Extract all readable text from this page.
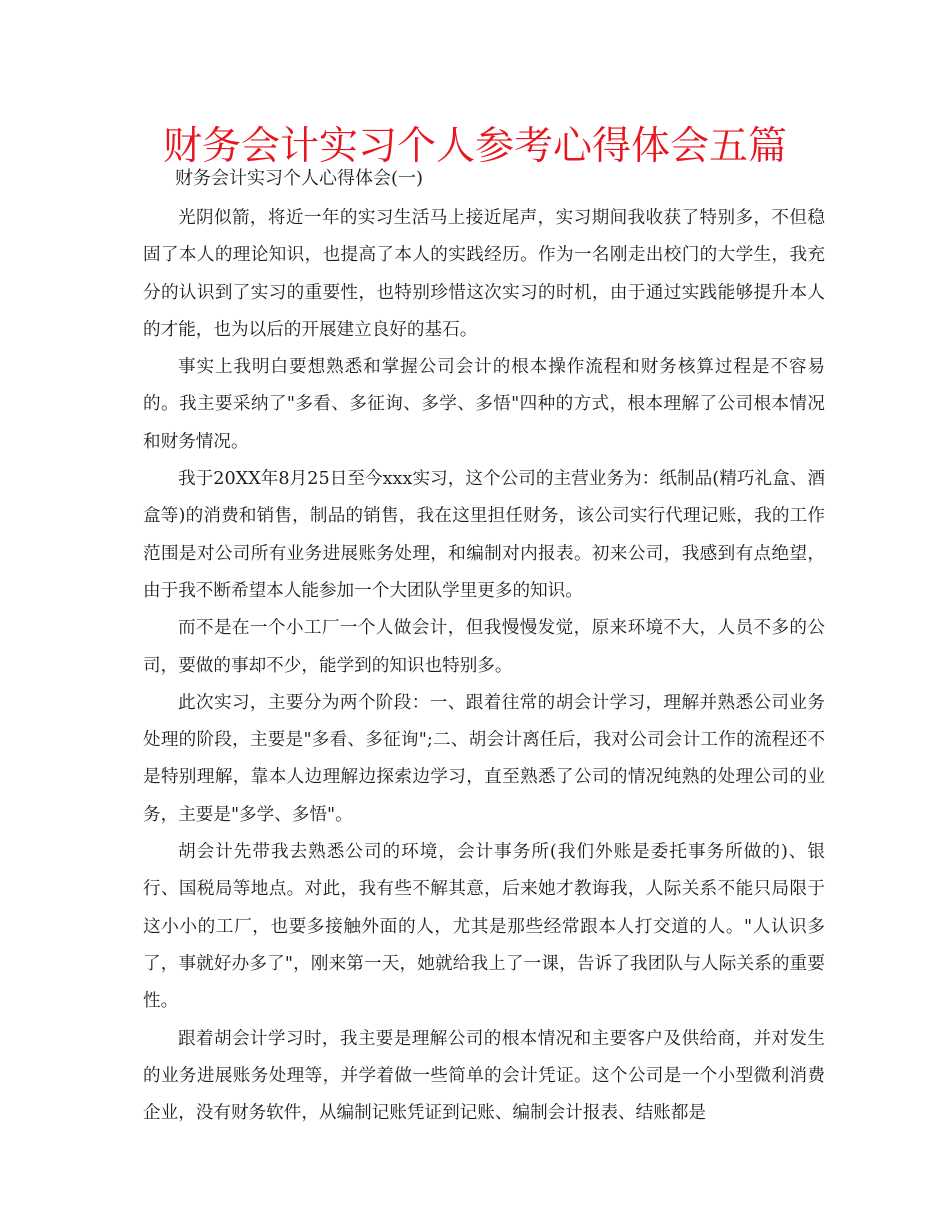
财务会计实习个人参考心得体会五篇
财务会计实习个人心得体会(一)

光阴似箭，将近一年的实习生活马上接近尾声，实习期间我收获了特别多，不但稳固了本人的理论知识，也提高了本人的实践经历。作为一名刚走出校门的大学生，我充分的认识到了实习的重要性，也特别珍惜这次实习的时机，由于通过实践能够提升本人的才能，也为以后的开展建立良好的基石。

事实上我明白要想熟悉和掌握公司会计的根本操作流程和财务核算过程是不容易的。我主要采纳了"多看、多征询、多学、多悟"四种的方式，根本理解了公司根本情况和财务情况。

我于20XX年8月25日至今xxx实习，这个公司的主营业务为：纸制品(精巧礼盒、酒盒等)的消费和销售，制品的销售，我在这里担任财务，该公司实行代理记账，我的工作范围是对公司所有业务进展账务处理，和编制对内报表。初来公司，我感到有点绝望，由于我不断希望本人能参加一个大团队学里更多的知识。

而不是在一个小工厂一个人做会计，但我慢慢发觉，原来环境不大，人员不多的公司，要做的事却不少，能学到的知识也特别多。

此次实习，主要分为两个阶段：一、跟着往常的胡会计学习，理解并熟悉公司业务处理的阶段，主要是"多看、多征询";二、胡会计离任后，我对公司会计工作的流程还不是特别理解，靠本人边理解边探索边学习，直至熟悉了公司的情况纯熟的处理公司的业务，主要是"多学、多悟"。

胡会计先带我去熟悉公司的环境，会计事务所(我们外账是委托事务所做的)、银行、国税局等地点。对此，我有些不解其意，后来她才教诲我，人际关系不能只局限于这小小的工厂，也要多接触外面的人，尤其是那些经常跟本人打交道的人。"人认识多了，事就好办多了"，刚来第一天，她就给我上了一课，告诉了我团队与人际关系的重要性。

跟着胡会计学习时，我主要是理解公司的根本情况和主要客户及供给商，并对发生的业务进展账务处理等，并学着做一些简单的会计凭证。这个公司是一个小型微利消费企业，没有财务软件，从编制记账凭证到记账、编制会计报表、结账都是
